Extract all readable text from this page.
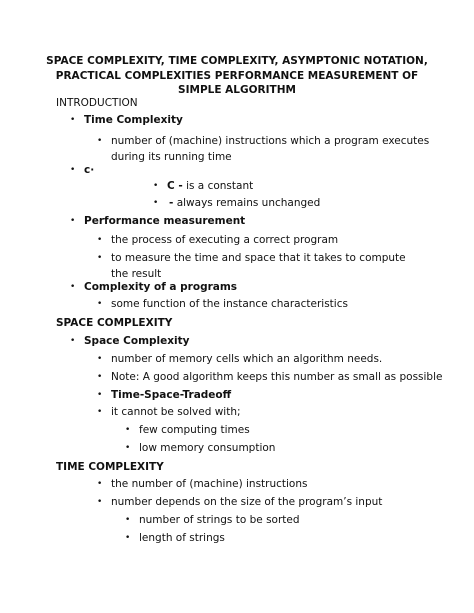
SPACE COMPLEXITY, TIME COMPLEXITY, ASYMPTONIC NOTATION,
PRACTICAL COMPLEXITIES PERFORMANCE MEASUREMENT OF
SIMPLE ALGORITHM
INTRODUCTION
• Time Complexity
• number of (machine) instructions which a program executes during its running time
• c·
• C - is a constant
• - always remains unchanged
• Performance measurement
• the process of executing a correct program
• to measure the time and space that it takes to compute the result
• Complexity of a programs
• some function of the instance characteristics
SPACE COMPLEXITY
• Space Complexity
• number of memory cells which an algorithm needs.
• Note: A good algorithm keeps this number as small as possible
• Time-Space-Tradeoff
• it cannot be solved with;
• few computing times
• low memory consumption
TIME COMPLEXITY
• the number of (machine) instructions
• number depends on the size of the program’s input
• number of strings to be sorted
• length of strings
